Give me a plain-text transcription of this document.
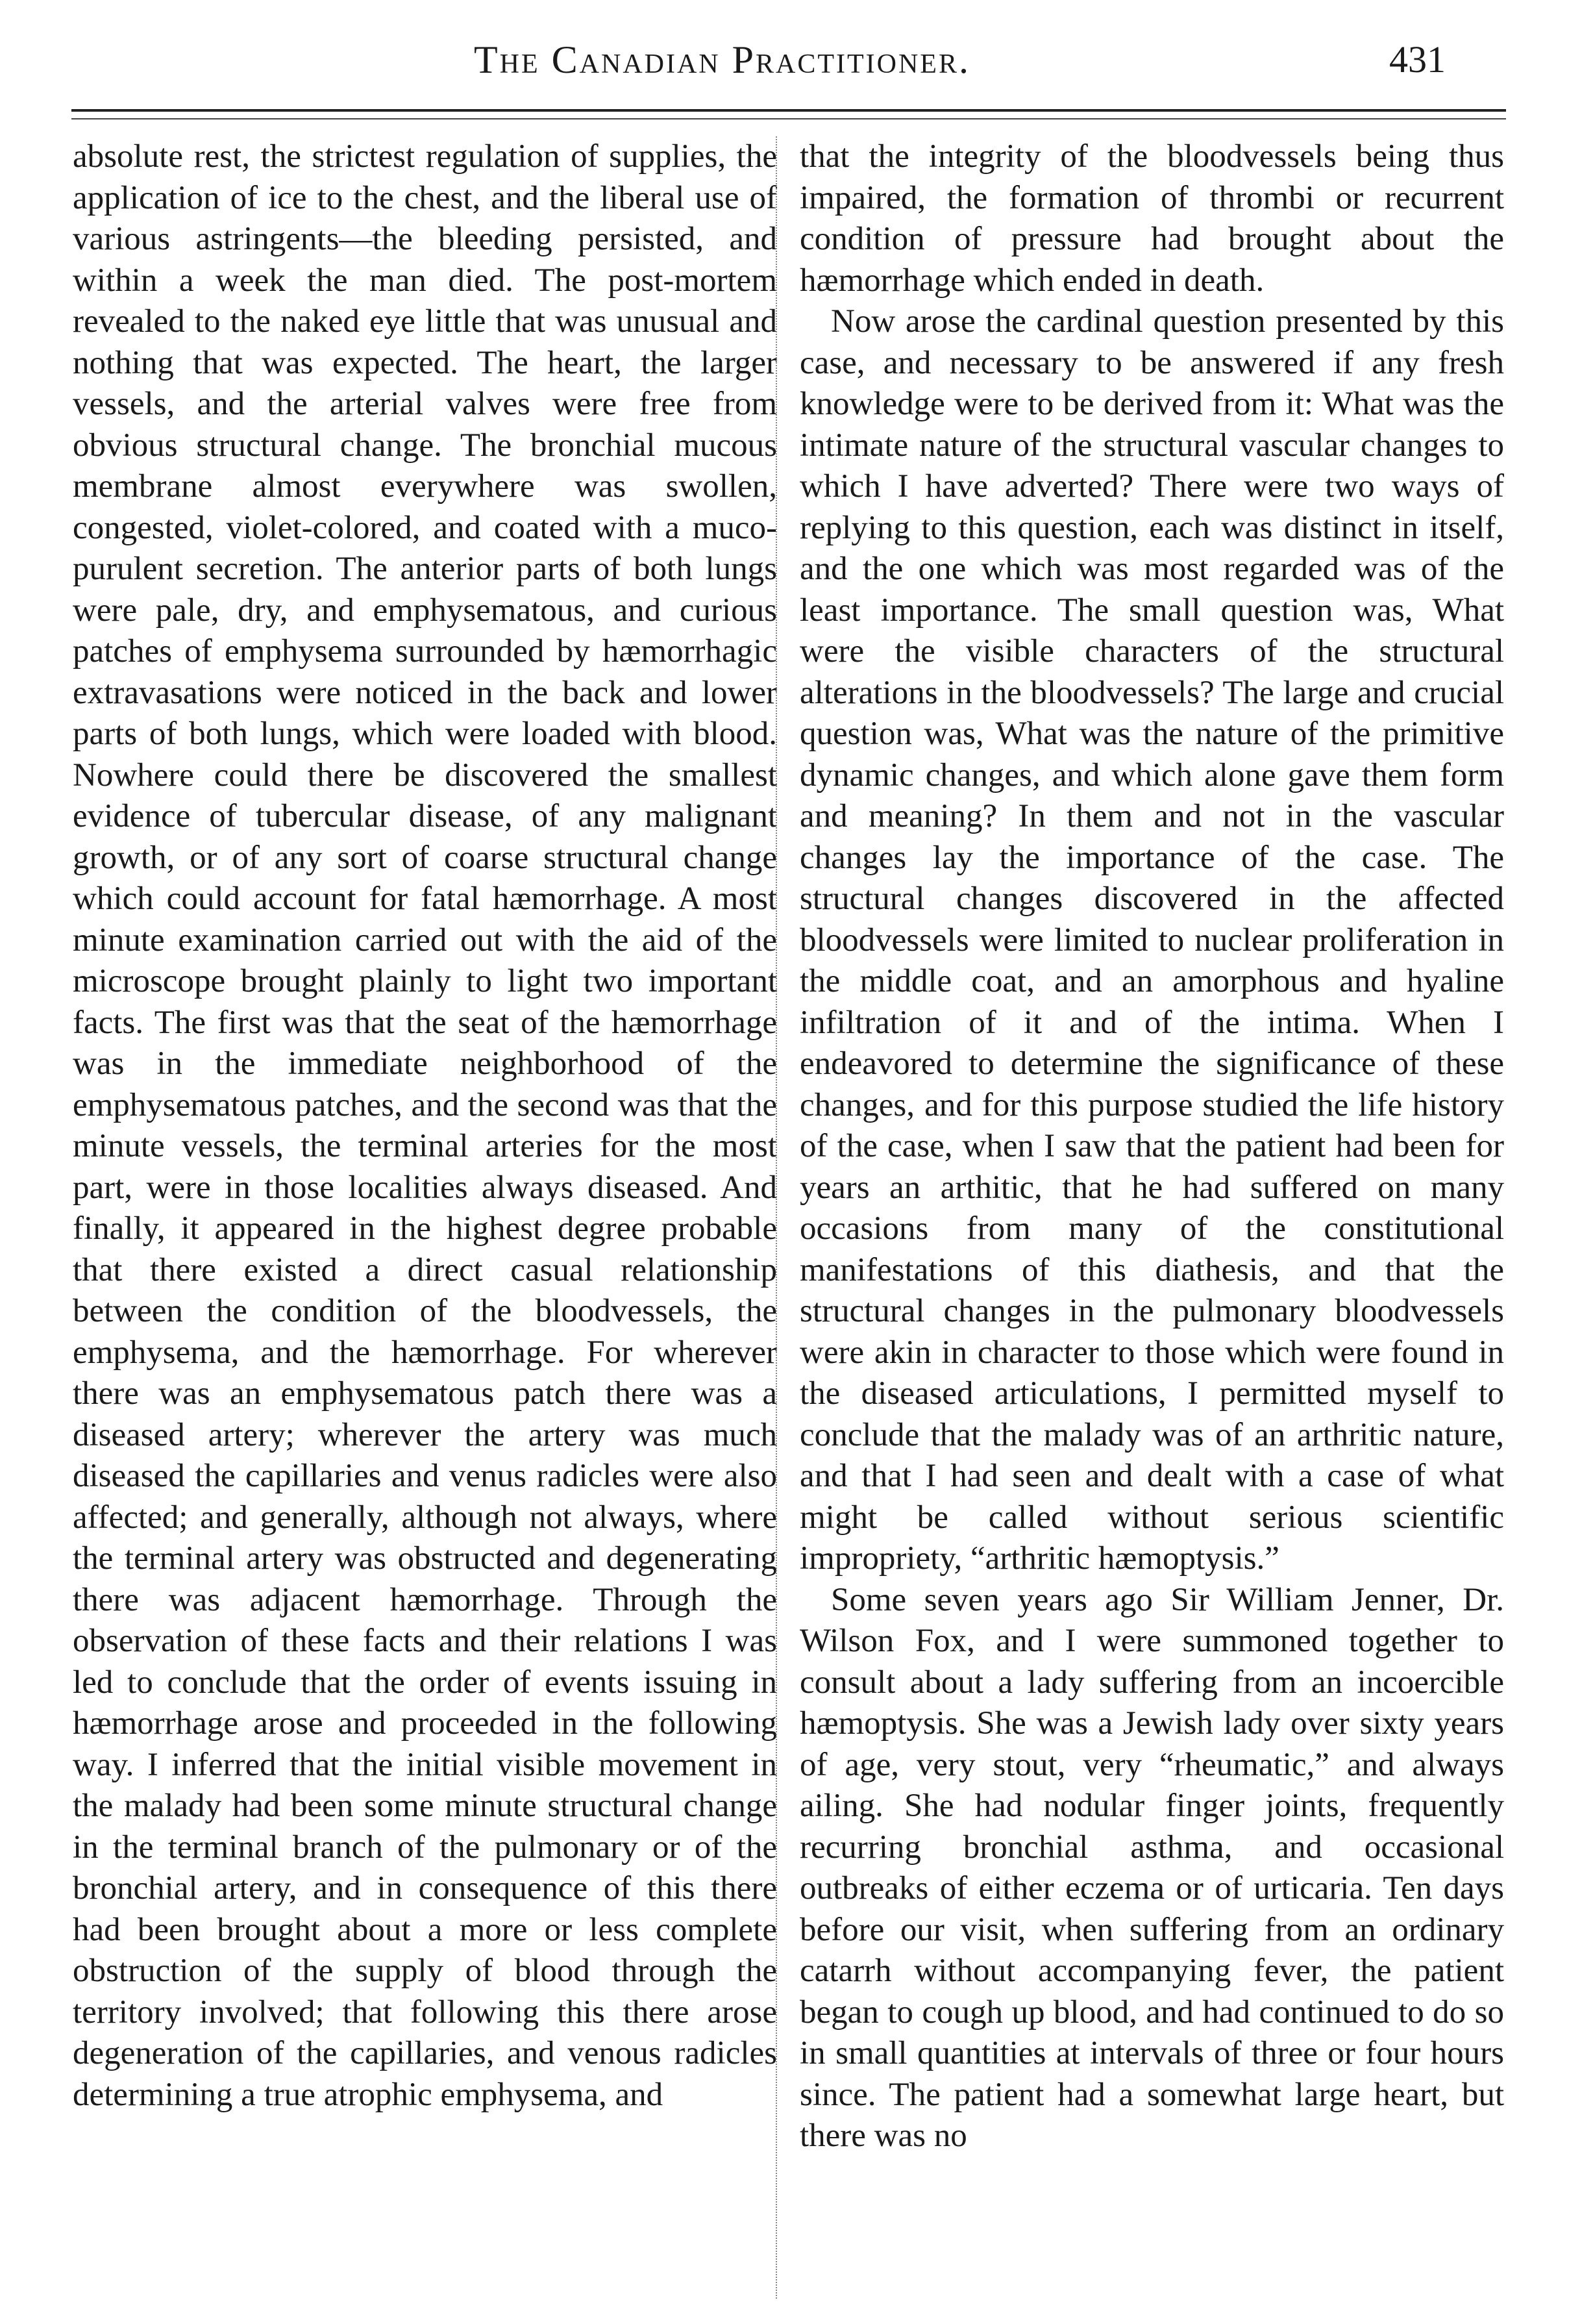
The Canadian Practitioner.	431

absolute rest, the strictest regulation of supplies, the application of ice to the chest, and the liberal use of various astringents—the bleeding persisted, and within a week the man died. The post-mortem revealed to the naked eye little that was unusual and nothing that was expected. The heart, the larger vessels, and the arterial valves were free from obvious structural change. The bronchial mucous membrane almost everywhere was swollen, congested, violet-colored, and coated with a muco-purulent secretion. The anterior parts of both lungs were pale, dry, and emphysematous, and curious patches of emphysema surrounded by hæmorrhagic extravasations were noticed in the back and lower parts of both lungs, which were loaded with blood. Nowhere could there be discovered the smallest evidence of tubercular disease, of any malignant growth, or of any sort of coarse structural change which could account for fatal hæmorrhage. A most minute examination carried out with the aid of the microscope brought plainly to light two important facts. The first was that the seat of the hæmorrhage was in the immediate neighborhood of the emphysematous patches, and the second was that the minute vessels, the terminal arteries for the most part, were in those localities always diseased. And finally, it appeared in the highest degree probable that there existed a direct casual relationship between the condition of the bloodvessels, the emphysema, and the hæmorrhage. For wherever there was an emphysematous patch there was a diseased artery; wherever the artery was much diseased the capillaries and venus radicles were also affected; and generally, although not always, where the terminal artery was obstructed and degenerating there was adjacent hæmorrhage. Through the observation of these facts and their relations I was led to conclude that the order of events issuing in hæmorrhage arose and proceeded in the following way. I inferred that the initial visible movement in the malady had been some minute structural change in the terminal branch of the pulmonary or of the bronchial artery, and in consequence of this there had been brought about a more or less complete obstruction of the supply of blood through the territory involved; that following this there arose degeneration of the capillaries, and venous radicles determining a true atrophic emphysema, and

that the integrity of the bloodvessels being thus impaired, the formation of thrombi or recurrent condition of pressure had brought about the hæmorrhage which ended in death.

Now arose the cardinal question presented by this case, and necessary to be answered if any fresh knowledge were to be derived from it: What was the intimate nature of the structural vascular changes to which I have adverted? There were two ways of replying to this question, each was distinct in itself, and the one which was most regarded was of the least importance. The small question was, What were the visible characters of the structural alterations in the bloodvessels? The large and crucial question was, What was the nature of the primitive dynamic changes, and which alone gave them form and meaning? In them and not in the vascular changes lay the importance of the case. The structural changes discovered in the affected bloodvessels were limited to nuclear proliferation in the middle coat, and an amorphous and hyaline infiltration of it and of the intima. When I endeavored to determine the significance of these changes, and for this purpose studied the life history of the case, when I saw that the patient had been for years an arthitic, that he had suffered on many occasions from many of the constitutional manifestations of this diathesis, and that the structural changes in the pulmonary bloodvessels were akin in character to those which were found in the diseased articulations, I permitted myself to conclude that the malady was of an arthritic nature, and that I had seen and dealt with a case of what might be called without serious scientific impropriety, “arthritic hæmoptysis.”

Some seven years ago Sir William Jenner, Dr. Wilson Fox, and I were summoned together to consult about a lady suffering from an incoercible hæmoptysis. She was a Jewish lady over sixty years of age, very stout, very “rheumatic,” and always ailing. She had nodular finger joints, frequently recurring bronchial asthma, and occasional outbreaks of either eczema or of urticaria. Ten days before our visit, when suffering from an ordinary catarrh without accompanying fever, the patient began to cough up blood, and had continued to do so in small quantities at intervals of three or four hours since. The patient had a somewhat large heart, but there was no
